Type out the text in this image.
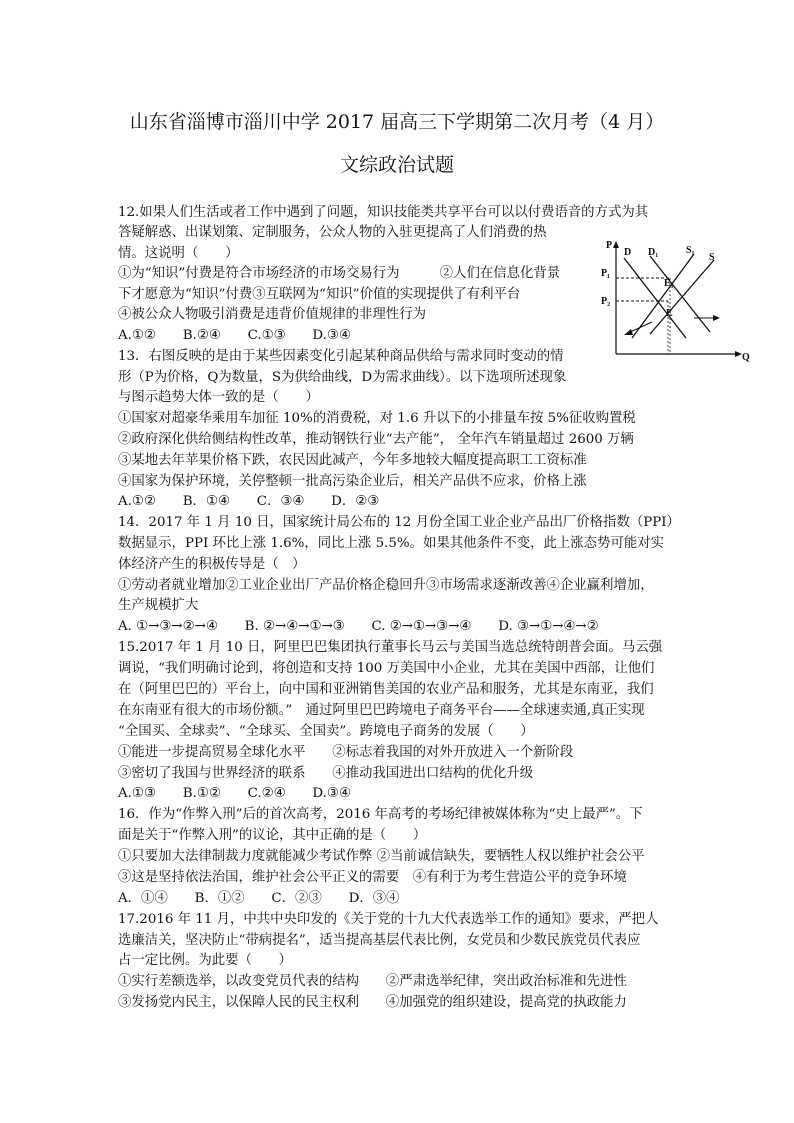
山东省淄博市淄川中学 2017 届高三下学期第二次月考（4 月）
文综政治试题
12.如果人们生活或者工作中遇到了问题，知识技能类共享平台可以以付费语音的方式为其
答疑解惑、出谋划策、定制服务，公众人物的入驻更提高了人们消费的热
情。这说明（　　）
①为“知识”付费是符合市场经济的市场交易行为　　　②人们在信息化背景
下才愿意为“知识”付费③互联网为“知识”价值的实现提供了有利平台
④被公众人物吸引消费是违背价值规律的非理性行为
A.①②　　B.②④　　C.①③　　D.③④
13．右图反映的是由于某些因素变化引起某种商品供给与需求同时变动的情
形（P为价格，Q为数量，S为供给曲线，D为需求曲线）。以下选项所述现象
与图示趋势大体一致的是（　　）
①国家对超豪华乘用车加征 10%的消费税，对 1.6 升以下的小排量车按 5%征收购置税
②政府深化供给侧结构性改革，推动钢铁行业“去产能”， 全年汽车销量超过 2600 万辆
③某地去年苹果价格下跌，农民因此减产，今年多地较大幅度提高职工工资标准
④国家为保护环境，关停整顿一批高污染企业后，相关产品供不应求，价格上涨
A.①②　　B．①④　　C．③④　　D．②③
14．2017 年 1 月 10 日，国家统计局公布的 12 月份全国工业企业产品出厂价格指数（PPI）
数据显示，PPI 环比上涨 1.6%，同比上涨 5.5%。如果其他条件不变，此上涨态势可能对实
体经济产生的积极传导是（　）
①劳动者就业增加②工业企业出厂产品价格企稳回升③市场需求逐渐改善④企业赢利增加，
生产规模扩大
A. ①→③→②→④　　B. ②→④→①→③　　C. ②→①→③→④　　D. ③→①→④→②
15.2017 年 1 月 10 日，阿里巴巴集团执行董事长马云与美国当选总统特朗普会面。马云强
调说，“我们明确讨论到，将创造和支持 100 万美国中小企业，尤其在美国中西部，让他们
在（阿里巴巴的）平台上，向中国和亚洲销售美国的农业产品和服务，尤其是东南亚，我们
在东南亚有很大的市场份额。”　通过阿里巴巴跨境电子商务平台——全球速卖通,真正实现
“全国买、全球卖”、“全球买、全国卖”。跨境电子商务的发展（　　）
①能进一步提高贸易全球化水平　　②标志着我国的对外开放进入一个新阶段
③密切了我国与世界经济的联系　　④推动我国进出口结构的优化升级
A.①③　　B.①②　　C.②④　　D.③④
16．作为“作弊入刑”后的首次高考，2016 年高考的考场纪律被媒体称为“史上最严”。下
面是关于“作弊入刑”的议论，其中正确的是（　　）
①只要加大法律制裁力度就能减少考试作弊 ②当前诚信缺失，要牺牲人权以维护社会公平
③这是坚持依法治国，维护社会公平正义的需要　④有利于为考生营造公平的竞争环境
A．①④　　B．①②　　C．②③　　D．③④
17.2016 年 11 月，中共中央印发的《关于党的十九大代表选举工作的通知》要求，严把人
选廉洁关，坚决防止“带病提名”，适当提高基层代表比例，女党员和少数民族党员代表应
占一定比例。为此要（　　）
①实行差额选举，以改变党员代表的结构　　②严肃选举纪律，突出政治标准和先进性
③发扬党内民主，以保障人民的民主权利　　④加强党的组织建设，提高党的执政能力
P
Q
P₁
P₂
D D₁	S₁
S
E₁
E
